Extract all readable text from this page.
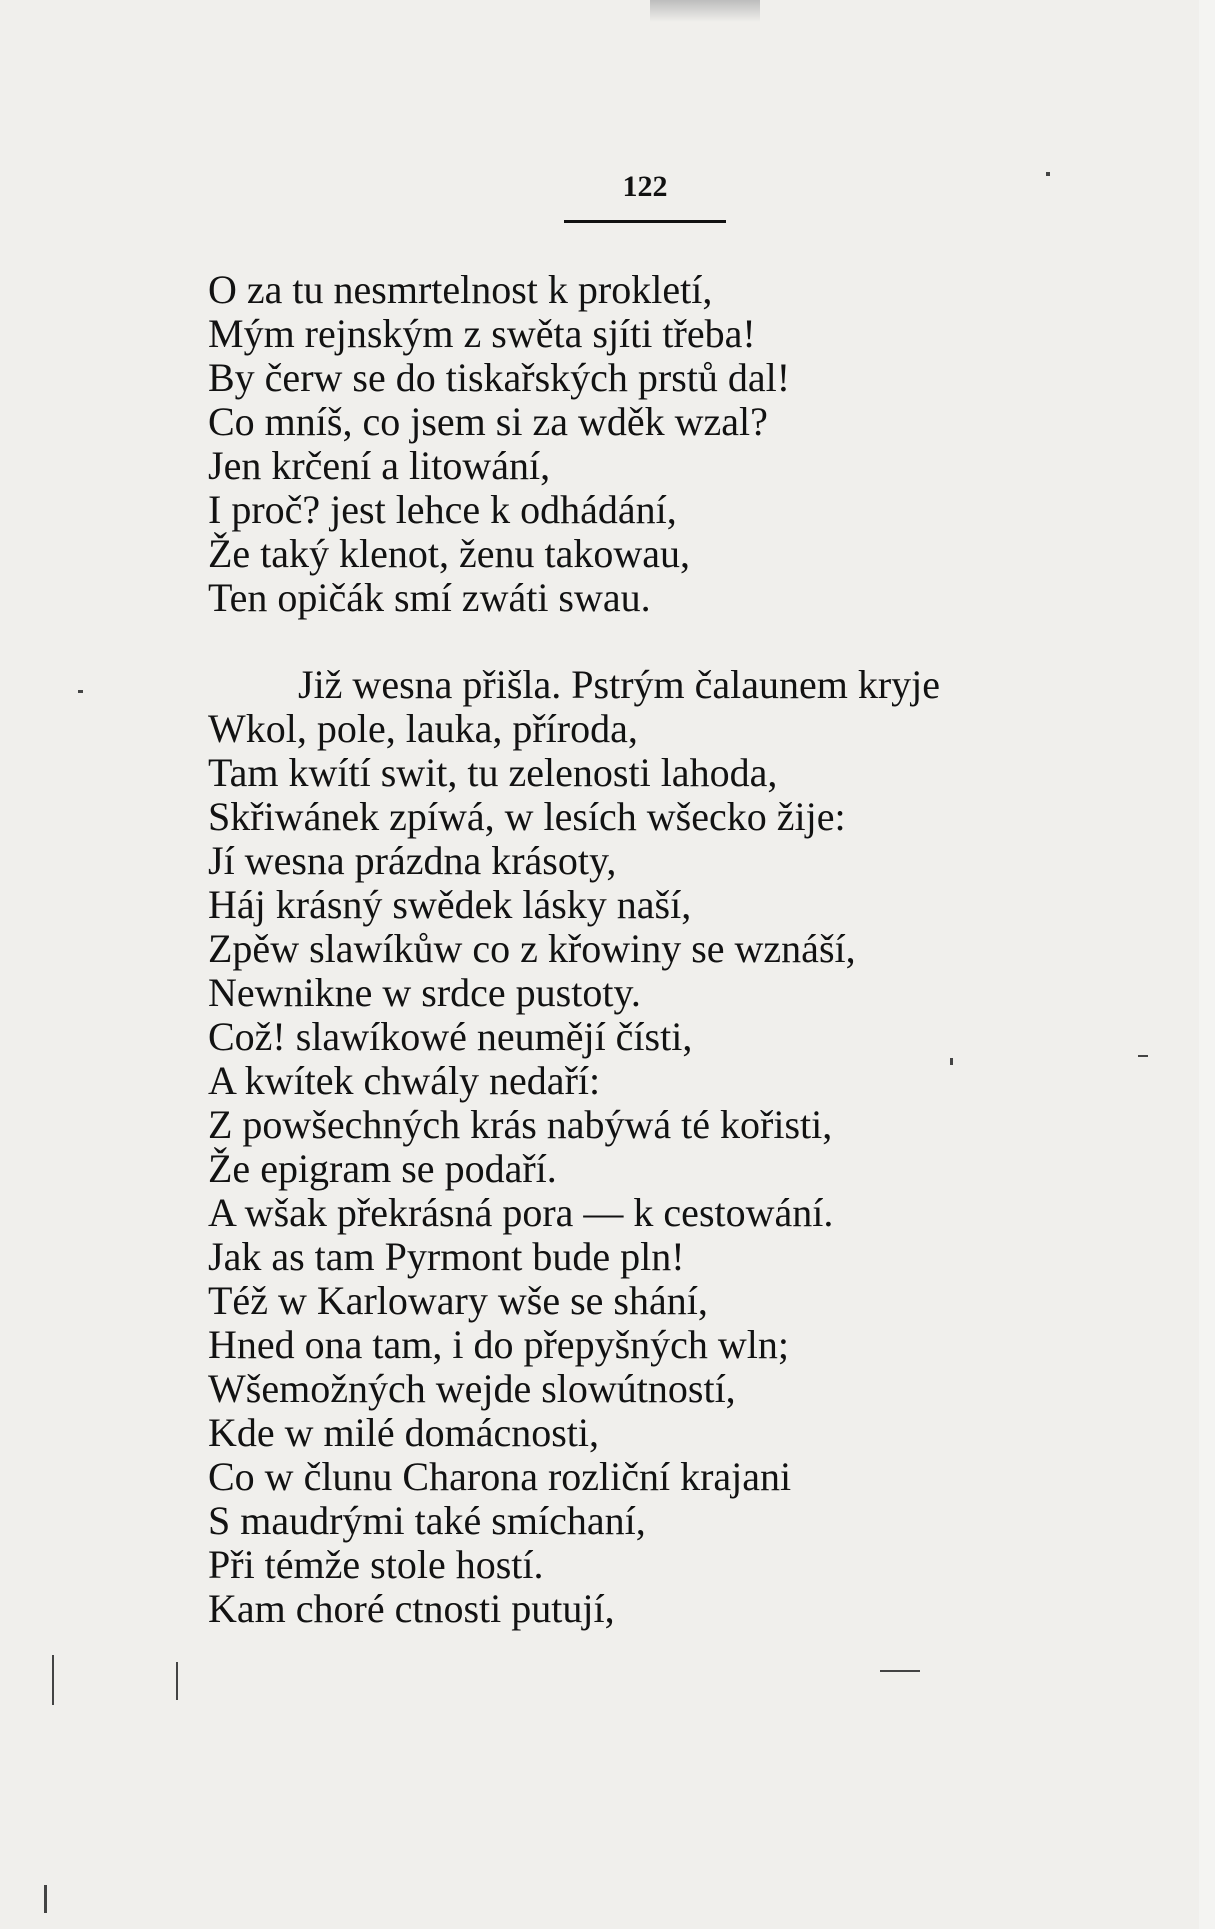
122
O za tu nesmrtelnost k prokletí,
Mým rejnským z swěta sjíti třeba!
By čerw se do tiskařských prstů dal!
Co mníš, co jsem si za wděk wzal?
Jen krčení a litowání,
I proč? jest lehce k odhádání,
Že taký klenot, ženu takowau,
Ten opičák smí zwáti swau.
Již wesna přišla. Pstrým čalaunem kryje
Wkol, pole, lauka, příroda,
Tam kwítí swit, tu zelenosti lahoda,
Skřiwánek zpíwá, w lesích wšecko žije:
Jí wesna prázdna krásoty,
Háj krásný swědek lásky naší,
Zpěw slawíkůw co z křowiny se wznáší,
Newnikne w srdce pustoty.
Což! slawíkowé neumějí čísti,
A kwítek chwály nedaří:
Z powšechných krás nabýwá té kořisti,
Že epigram se podaří.
A wšak překrásná pora — k cestowání.
Jak as tam Pyrmont bude pln!
Též w Karlowary wše se shání,
Hned ona tam, i do přepyšných wln;
Wšemožných wejde slowútností,
Kde w milé domácnosti,
Co w člunu Charona rozliční krajani
S maudrými také smíchaní,
Při témže stole hostí.
Kam choré ctnosti putují,
